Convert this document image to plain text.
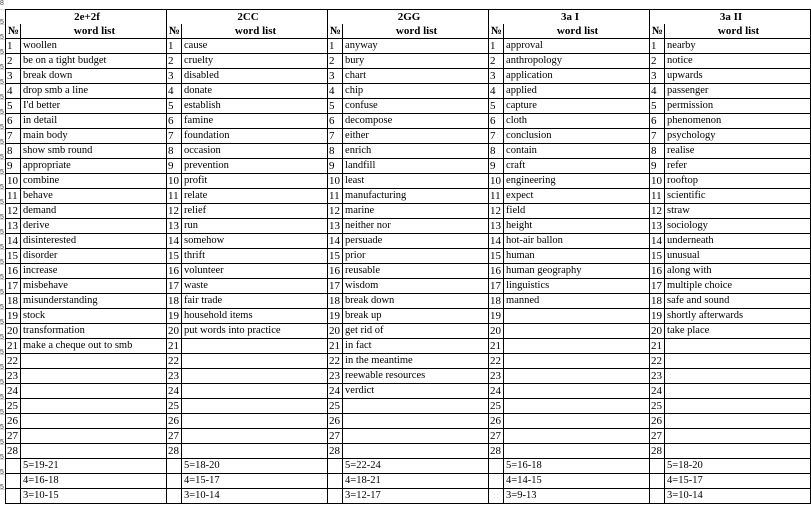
8
5
5
5
5
5
5
5
5
5
5
5
5
5
5
5
5
5
5
5
5
5
5
5
5
5
5
5
5
5
5
5
5
2e+2f		2CC		2GG		3a I		3a II	
№	word list	№	word list	№	word list	№	word list	№	word list
1	woollen	1	cause	1	anyway	1	approval	1	nearby
2	be on a tight budget	2	cruelty	2	bury	2	anthropology	2	notice
3	break down	3	disabled	3	chart	3	application	3	upwards
4	drop smb a line	4	donate	4	chip	4	applied	4	passenger
5	I'd better	5	establish	5	confuse	5	capture	5	permission
6	in detail	6	famine	6	decompose	6	cloth	6	phenomenon
7	main body	7	foundation	7	either	7	conclusion	7	psychology
8	show smb round	8	occasion	8	enrich	8	contain	8	realise
9	appropriate	9	prevention	9	landfill	9	craft	9	refer
10	combine	10	profit	10	least	10	engineering	10	rooftop
11	behave	11	relate	11	manufacturing	11	expect	11	scientific
12	demand	12	relief	12	marine	12	field	12	straw
13	derive	13	run	13	neither nor	13	height	13	sociology
14	disinterested	14	somehow	14	persuade	14	hot-air ballon	14	underneath
15	disorder	15	thrift	15	prior	15	human	15	unusual
16	increase	16	volunteer	16	reusable	16	human geography	16	along with
17	misbehave	17	waste	17	wisdom	17	linguistics	17	multiple choice
18	misunderstanding	18	fair trade	18	break down	18	manned	18	safe and sound
19	stock	19	household items	19	break up	19		19	shortly afterwards
20	transformation	20	put words into practice	20	get rid of	20		20	take place
21	make a cheque out to smb	21		21	in fact	21		21	
22		22		22	in the meantime	22		22	
23		23		23	reewable resources	23		23	
24		24		24	verdict	24		24	
25		25		25		25		25	
26		26		26		26		26	
27		27		27		27		27	
28		28		28		28		28	
	5=19-21		5=18-20		5=22-24		5=16-18		5=18-20
	4=16-18		4=15-17		4=18-21		4=14-15		4=15-17
	3=10-15		3=10-14		3=12-17		3=9-13		3=10-14
